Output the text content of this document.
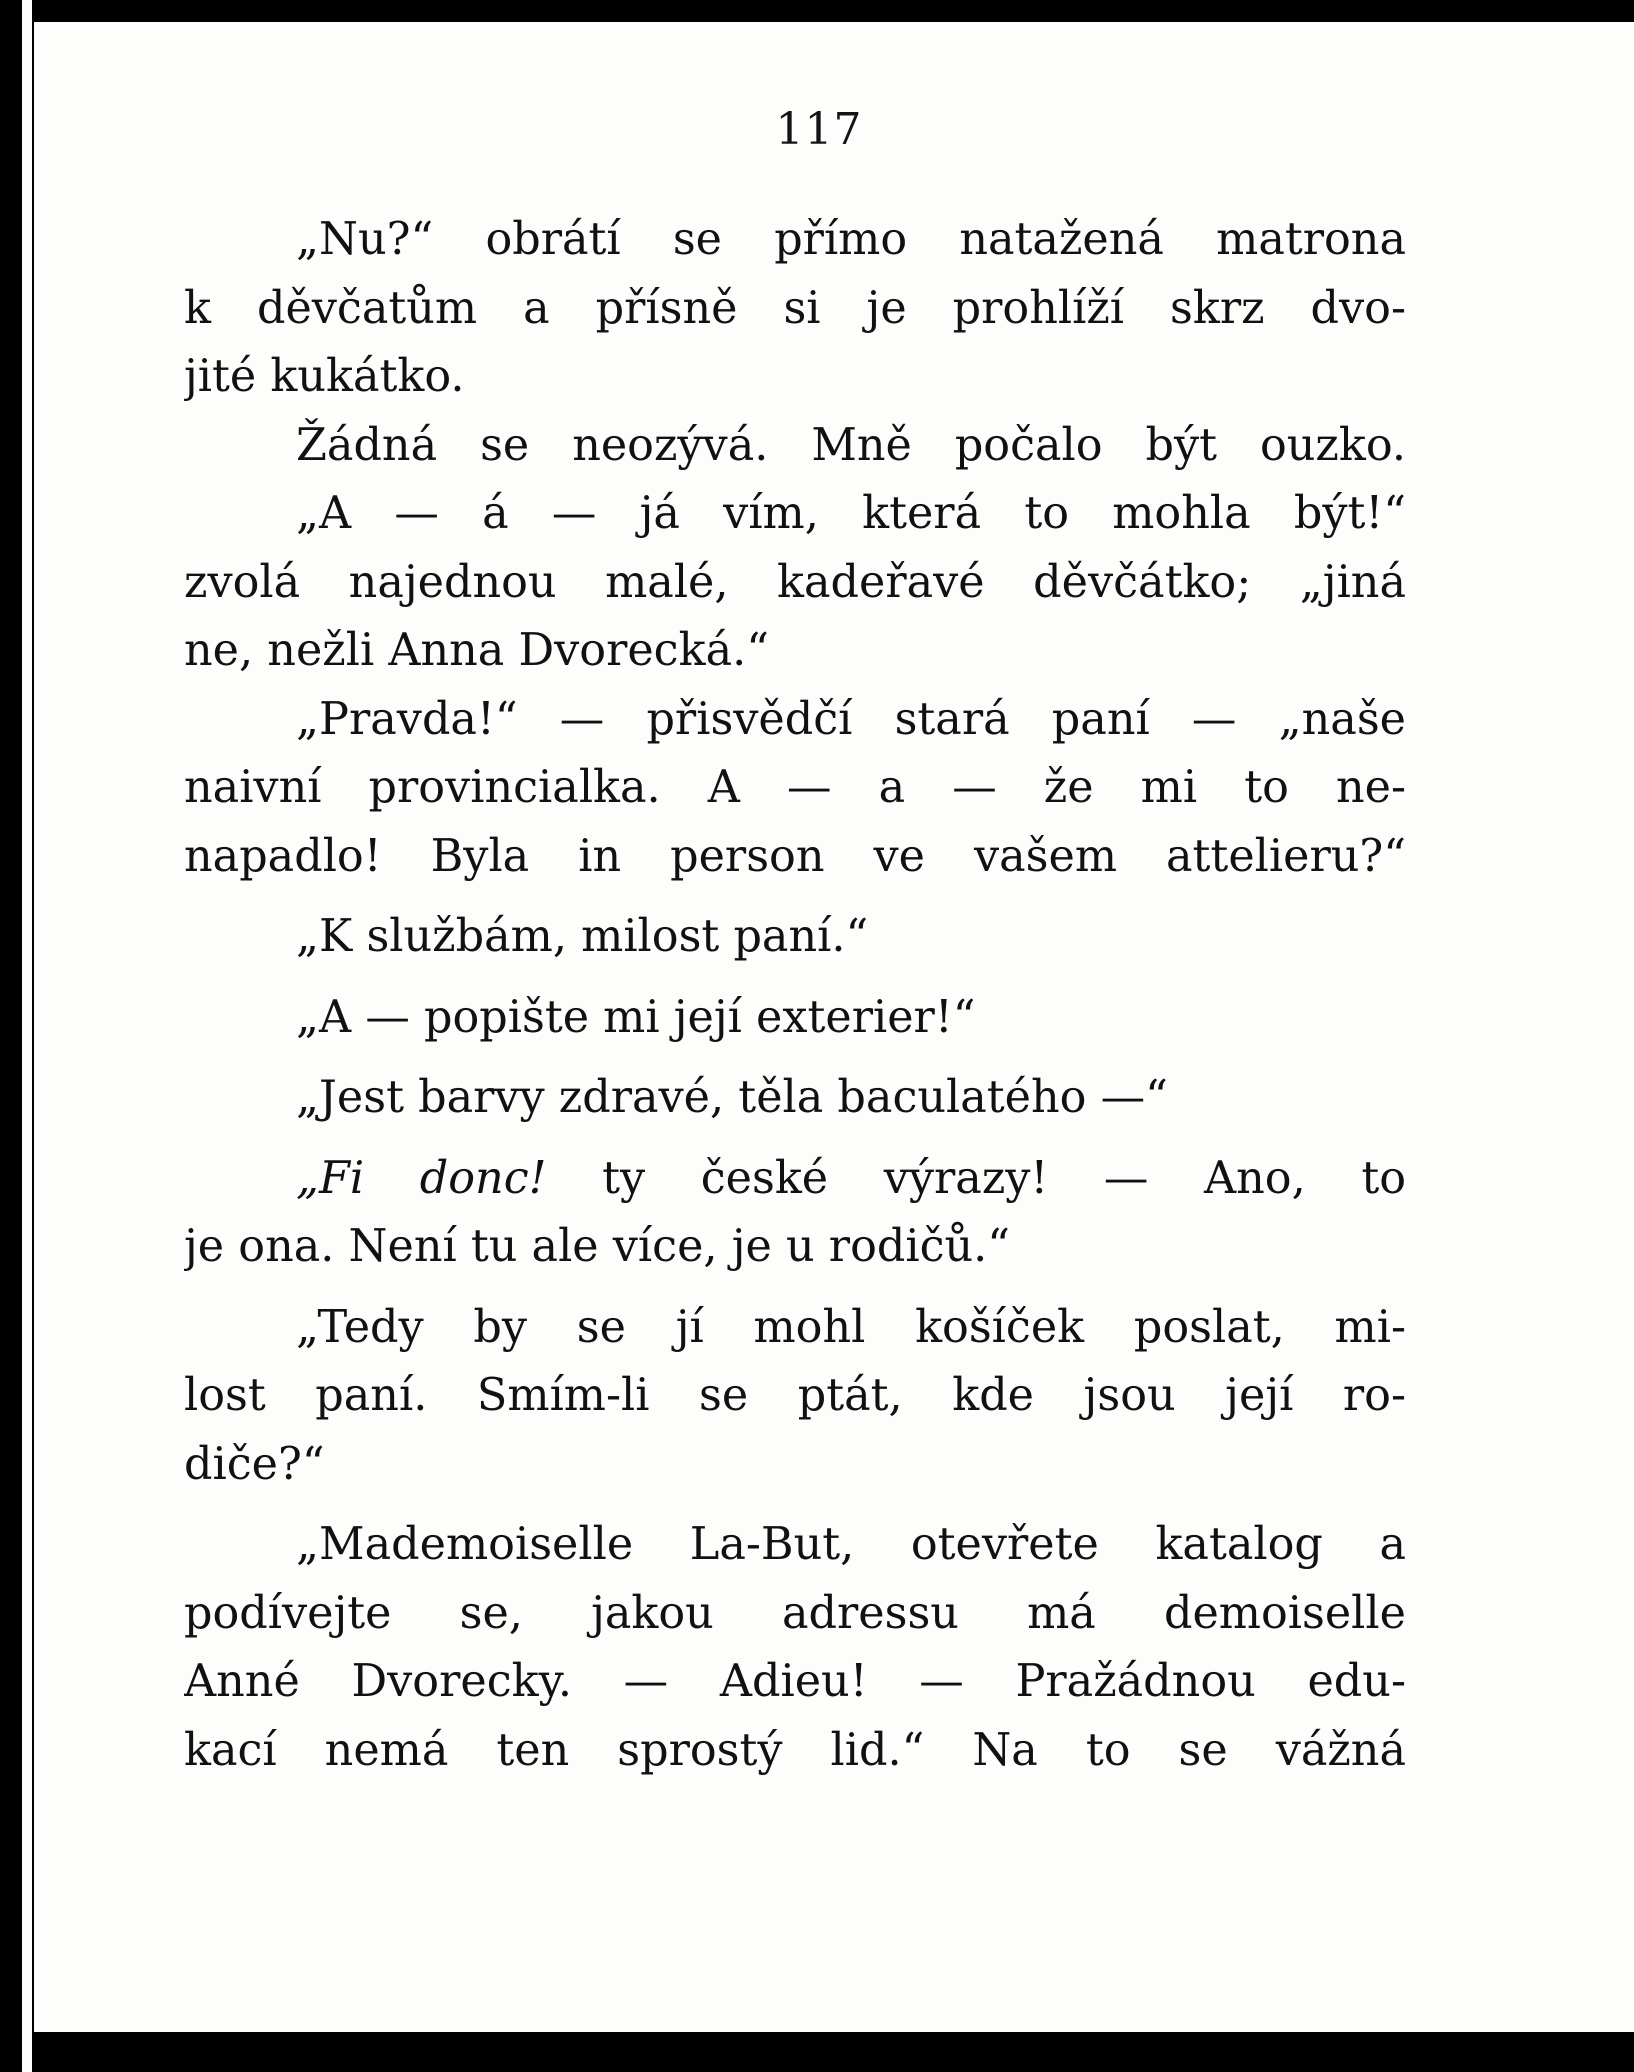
117
„Nu?“ obrátí se přímo natažená matrona
k děvčatům a přísně si je prohlíží skrz dvo-
jité kukátko.
Žádná se neozývá. Mně počalo být ouzko.
„A — á — já vím, která to mohla být!“
zvolá najednou malé, kadeřavé děvčátko; „jiná
ne, nežli Anna Dvorecká.“
„Pravda!“ — přisvědčí stará paní — „naše
naivní provincialka. A — a — že mi to ne-
napadlo! Byla in person ve vašem attelieru?“
„K službám, milost paní.“
„A — popište mi její exterier!“
„Jest barvy zdravé, těla baculatého —“
„Fi donc! ty české výrazy! — Ano, to
je ona. Není tu ale více, je u rodičů.“
„Tedy by se jí mohl košíček poslat, mi-
lost paní. Smím-li se ptát, kde jsou její ro-
diče?“
„Mademoiselle La-But, otevřete katalog a
podívejte se, jakou adressu má demoiselle
Anné Dvorecky. — Adieu! — Pražádnou edu-
kací nemá ten sprostý lid.“ Na to se vážná
